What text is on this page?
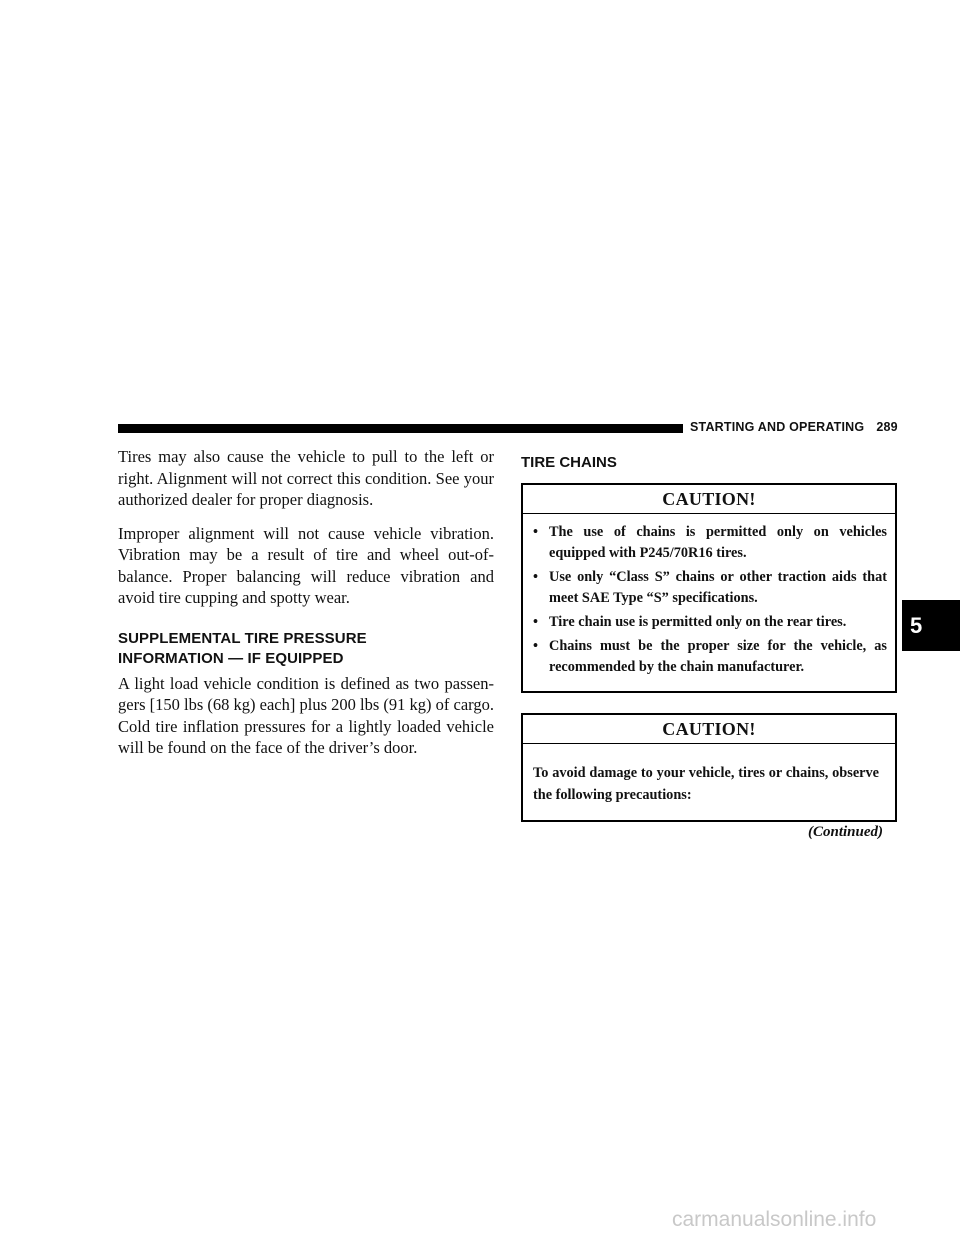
STARTING AND OPERATING 289

Tires may also cause the vehicle to pull to the left or right. Alignment will not correct this condition. See your authorized dealer for proper diagnosis.

Improper alignment will not cause vehicle vibration. Vibration may be a result of tire and wheel out-of-balance. Proper balancing will reduce vibration and avoid tire cupping and spotty wear.

SUPPLEMENTAL TIRE PRESSURE
INFORMATION — IF EQUIPPED

A light load vehicle condition is defined as two passengers [150 lbs (68 kg) each] plus 200 lbs (91 kg) of cargo. Cold tire inflation pressures for a lightly loaded vehicle will be found on the face of the driver’s door.

TIRE CHAINS
CAUTION!
• The use of chains is permitted only on vehicles equipped with P245/70R16 tires.
• Use only “Class S” chains or other traction aids that meet SAE Type “S” specifications.
• Tire chain use is permitted only on the rear tires.
• Chains must be the proper size for the vehicle, as recommended by the chain manufacturer.
CAUTION!
To avoid damage to your vehicle, tires or chains, observe the following precautions:
(Continued)
5
carmanualsonline.info
